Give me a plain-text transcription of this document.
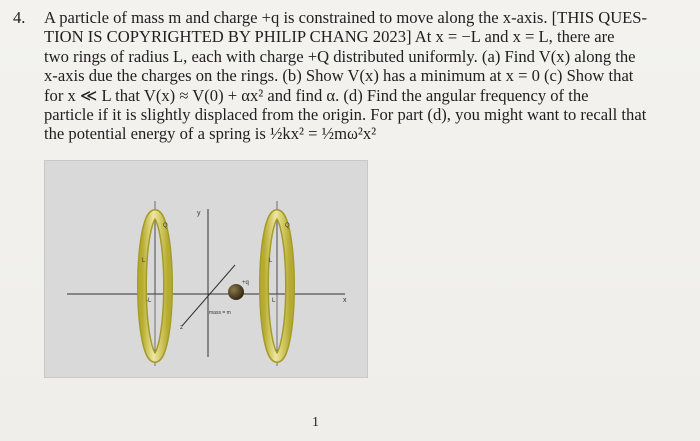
4. A particle of mass m and charge +q is constrained to move along the x-axis. [THIS QUES-
TION IS COPYRIGHTED BY PHILIP CHANG 2023] At x = −L and x = L, there are
two rings of radius L, each with charge +Q distributed uniformly. (a) Find V(x) along the
x-axis due the charges on the rings. (b) Show V(x) has a minimum at x = 0 (c) Show that
for x ≪ L that V(x) ≈ V(0) + αx² and find α. (d) Find the angular frequency of the
particle if it is slightly displaced from the origin. For part (d), you might want to recall that
the potential energy of a spring is ½kx² = ½mω²x²
x
y
z
Q	Q
L	L
-L	L
+q
mass = m
1
